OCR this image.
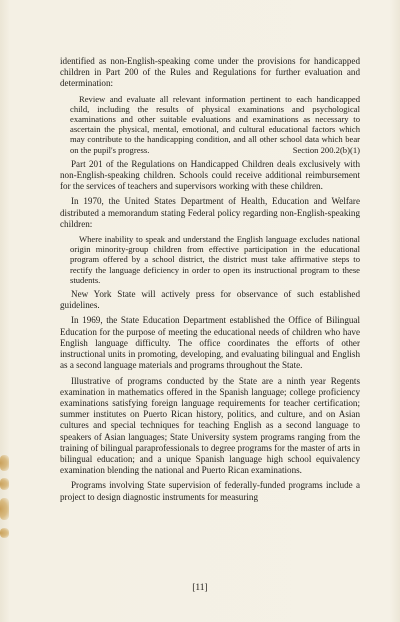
identified as non-English-speaking come under the provisions for handicapped children in Part 200 of the Rules and Regulations for further evaluation and determination:

Review and evaluate all relevant information pertinent to each handicapped child, including the results of physical examinations and psychological examinations and other suitable evaluations and examinations as necessary to ascertain the physical, mental, emotional, and cultural educational factors which may contribute to the handicapping condition, and all other school data which bear on the pupil's progress.	Section 200.2(b)(1)

Part 201 of the Regulations on Handicapped Children deals exclusively with non-English-speaking children. Schools could receive additional reimbursement for the services of teachers and supervisors working with these children.

In 1970, the United States Department of Health, Education and Welfare distributed a memorandum stating Federal policy regarding non-English-speaking children:

Where inability to speak and understand the English language excludes national origin minority-group children from effective participation in the educational program offered by a school district, the district must take affirmative steps to rectify the language deficiency in order to open its instructional program to these students.

New York State will actively press for observance of such established guidelines.

In 1969, the State Education Department established the Office of Bilingual Education for the purpose of meeting the educational needs of children who have English language difficulty. The office coordinates the efforts of other instructional units in promoting, developing, and evaluating bilingual and English as a second language materials and programs throughout the State.

Illustrative of programs conducted by the State are a ninth year Regents examination in mathematics offered in the Spanish language; college proficiency examinations satisfying foreign language requirements for teacher certification; summer institutes on Puerto Rican history, politics, and culture, and on Asian cultures and special techniques for teaching English as a second language to speakers of Asian languages; State University system programs ranging from the training of bilingual paraprofessionals to degree programs for the master of arts in bilingual education; and a unique Spanish language high school equivalency examination blending the national and Puerto Rican examinations.

Programs involving State supervision of federally-funded programs include a project to design diagnostic instruments for measuring

[11]
